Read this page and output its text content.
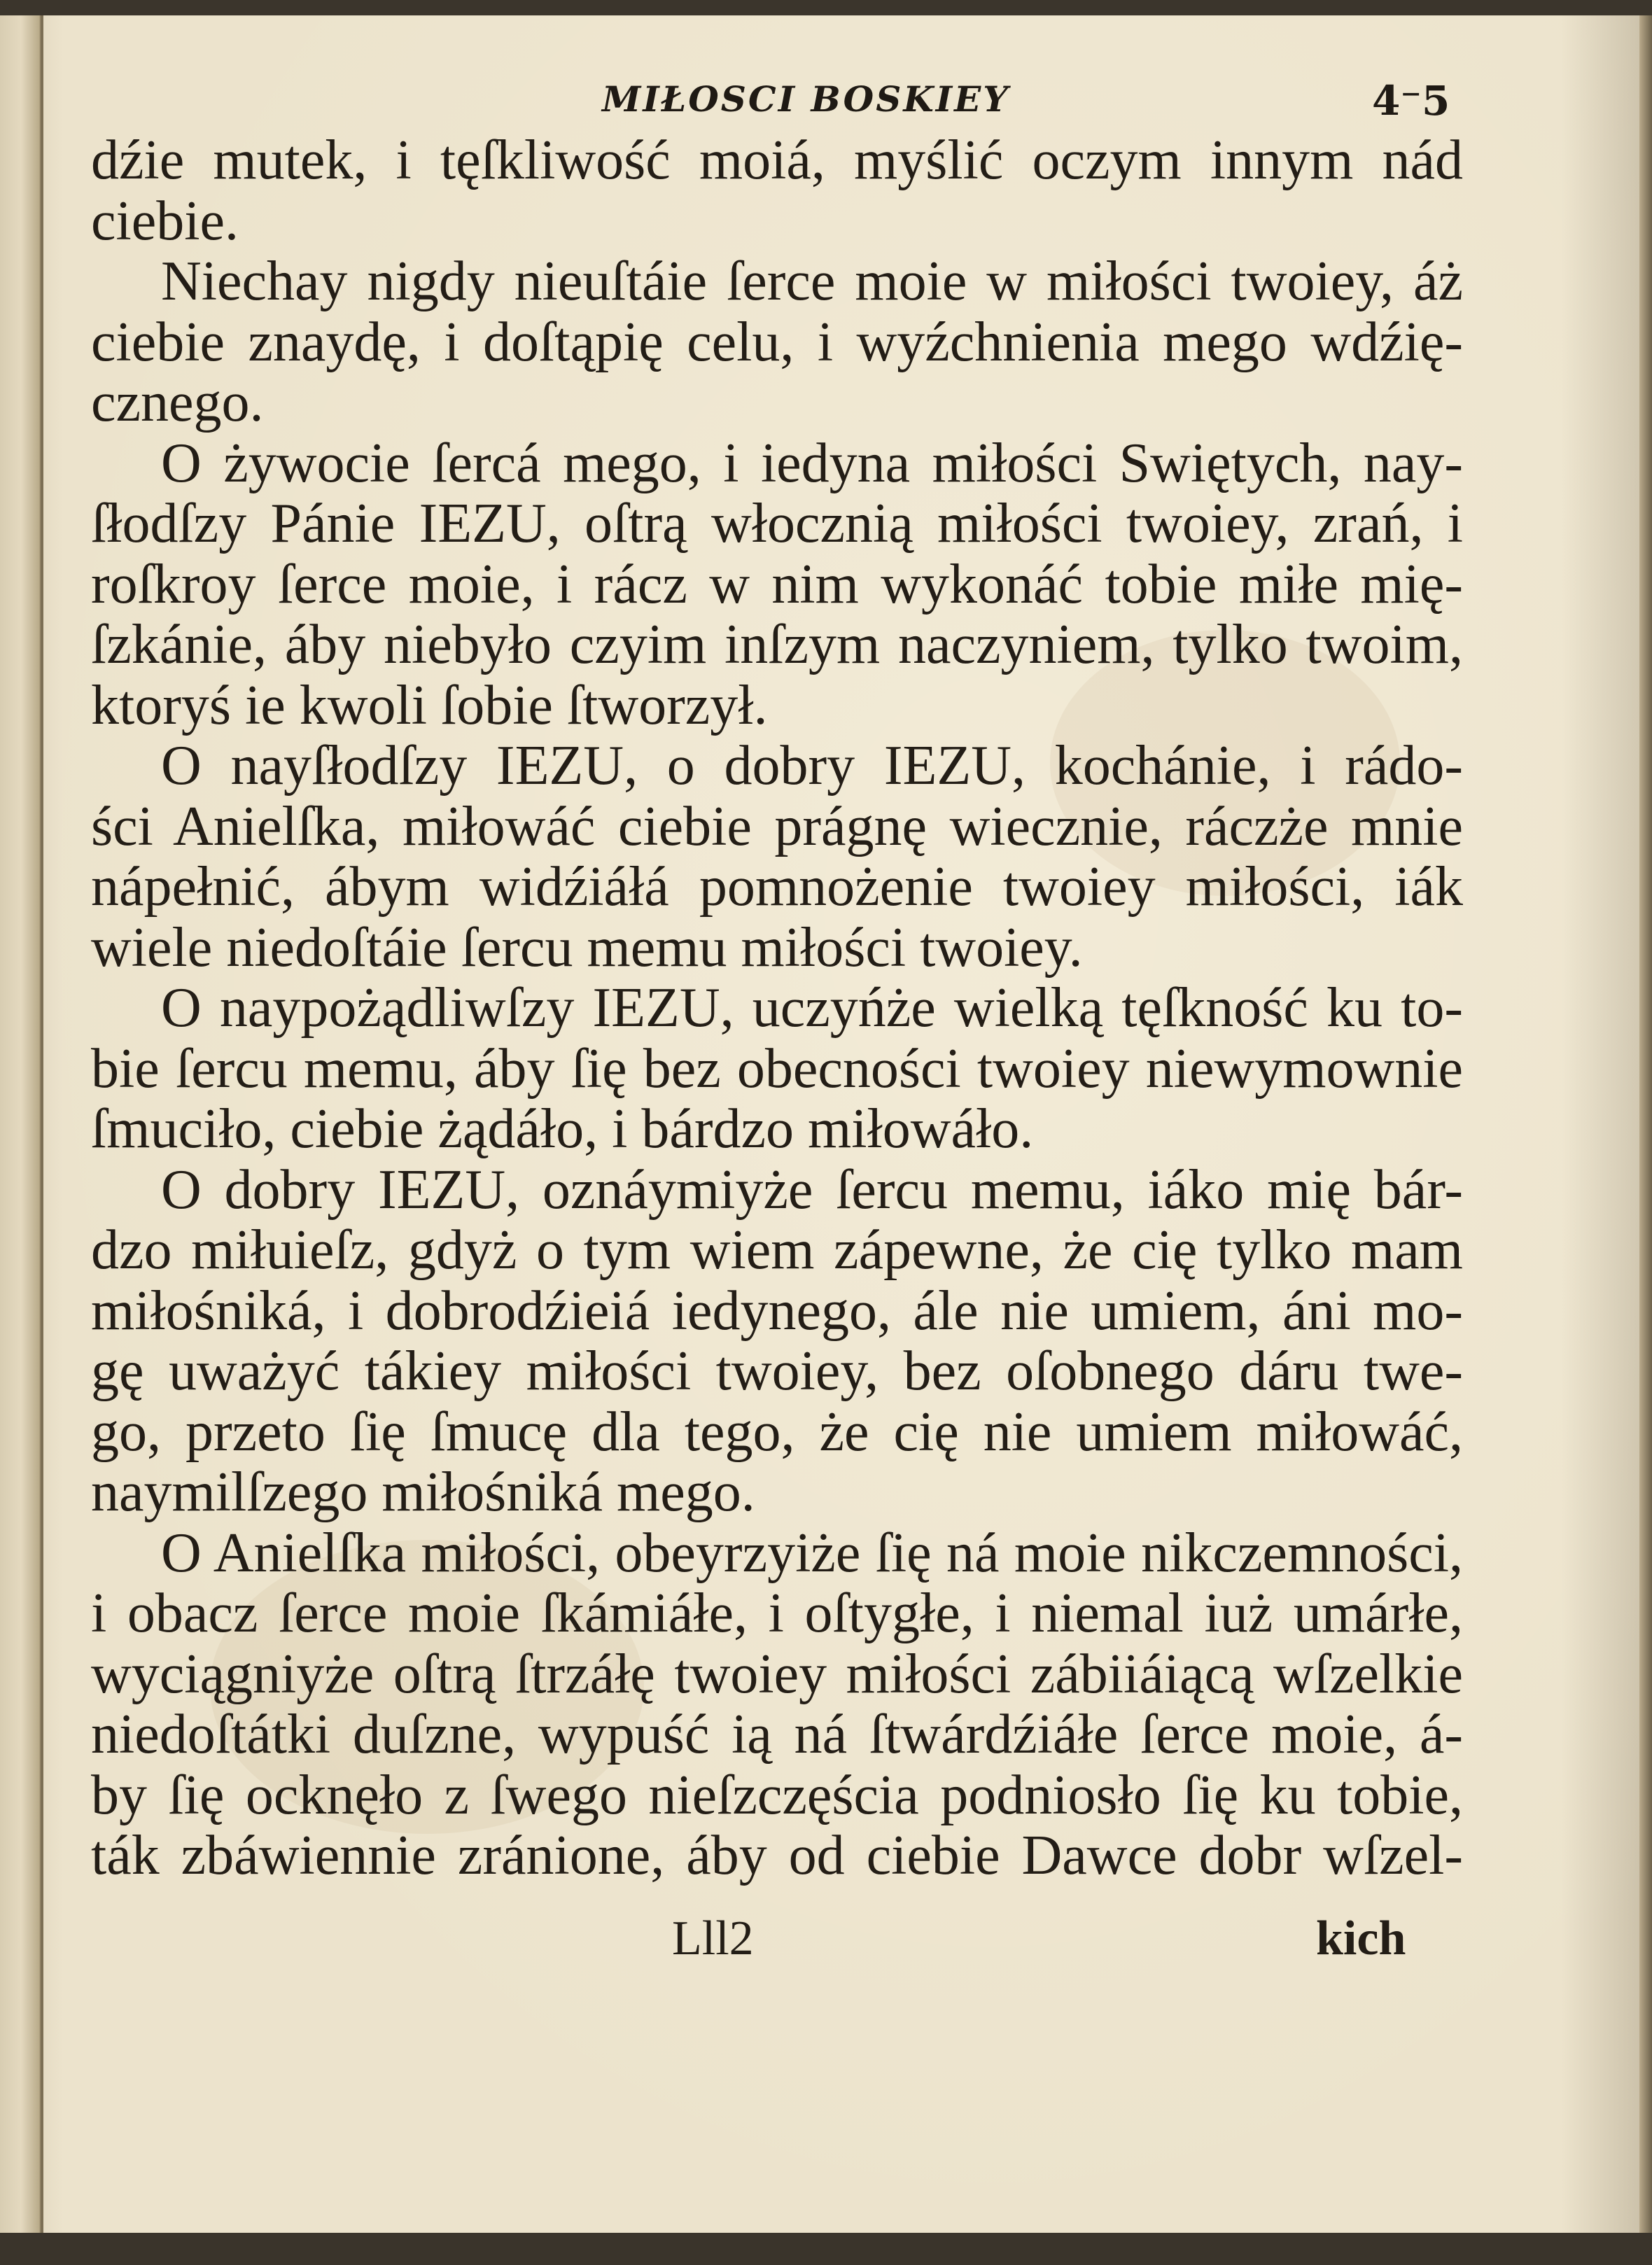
MIŁOSCI BOSKIEY	4⁻5
dźie mutek, i tęſkliwość moiá, myślić oczym innym nád
ciebie.
Niechay nigdy nieuſtáie ſerce moie w miłości twoiey, áż
ciebie znaydę, i doſtąpię celu, i wyźchnienia mego wdźię-
cznego.
O żywocie ſercá mego, i iedyna miłości Swiętych, nay-
ſłodſzy Pánie IEZU, oſtrą włocznią miłości twoiey, zrań, i
roſkroy ſerce moie, i rácz w nim wykonáć tobie miłe mię-
ſzkánie, áby niebyło czyim inſzym naczyniem, tylko twoim,
ktoryś ie kwoli ſobie ſtworzył.
O nayſłodſzy IEZU, o dobry IEZU, kochánie, i rádo-
ści Anielſka, miłowáć ciebie prágnę wiecznie, ráczże mnie
nápełnić, ábym widźiáłá pomnożenie twoiey miłości, iák
wiele niedoſtáie ſercu memu miłości twoiey.
O naypożądliwſzy IEZU, uczyńże wielką tęſkność ku to-
bie ſercu memu, áby ſię bez obecności twoiey niewymownie
ſmuciło, ciebie żądáło, i bárdzo miłowáło.
O dobry IEZU, oznáymiyże ſercu memu, iáko mię bár-
dzo miłuieſz, gdyż o tym wiem zápewne, że cię tylko mam
miłośniká, i dobrodźieiá iedynego, ále nie umiem, áni mo-
gę uważyć tákiey miłości twoiey, bez oſobnego dáru twe-
go, przeto ſię ſmucę dla tego, że cię nie umiem miłowáć,
naymilſzego miłośniká mego.
O Anielſka miłości, obeyrzyiże ſię ná moie nikczemności,
i obacz ſerce moie ſkámiáłe, i oſtygłe, i niemal iuż umárłe,
wyciągniyże oſtrą ſtrzáłę twoiey miłości zábiiáiącą wſzelkie
niedoſtátki duſzne, wypuść ią ná ſtwárdźiáłe ſerce moie, á-
by ſię ocknęło z ſwego nieſzczęścia podniosło ſię ku tobie,
ták zbáwiennie zránione, áby od ciebie Dawce dobr wſzel-
Lll2	kich
